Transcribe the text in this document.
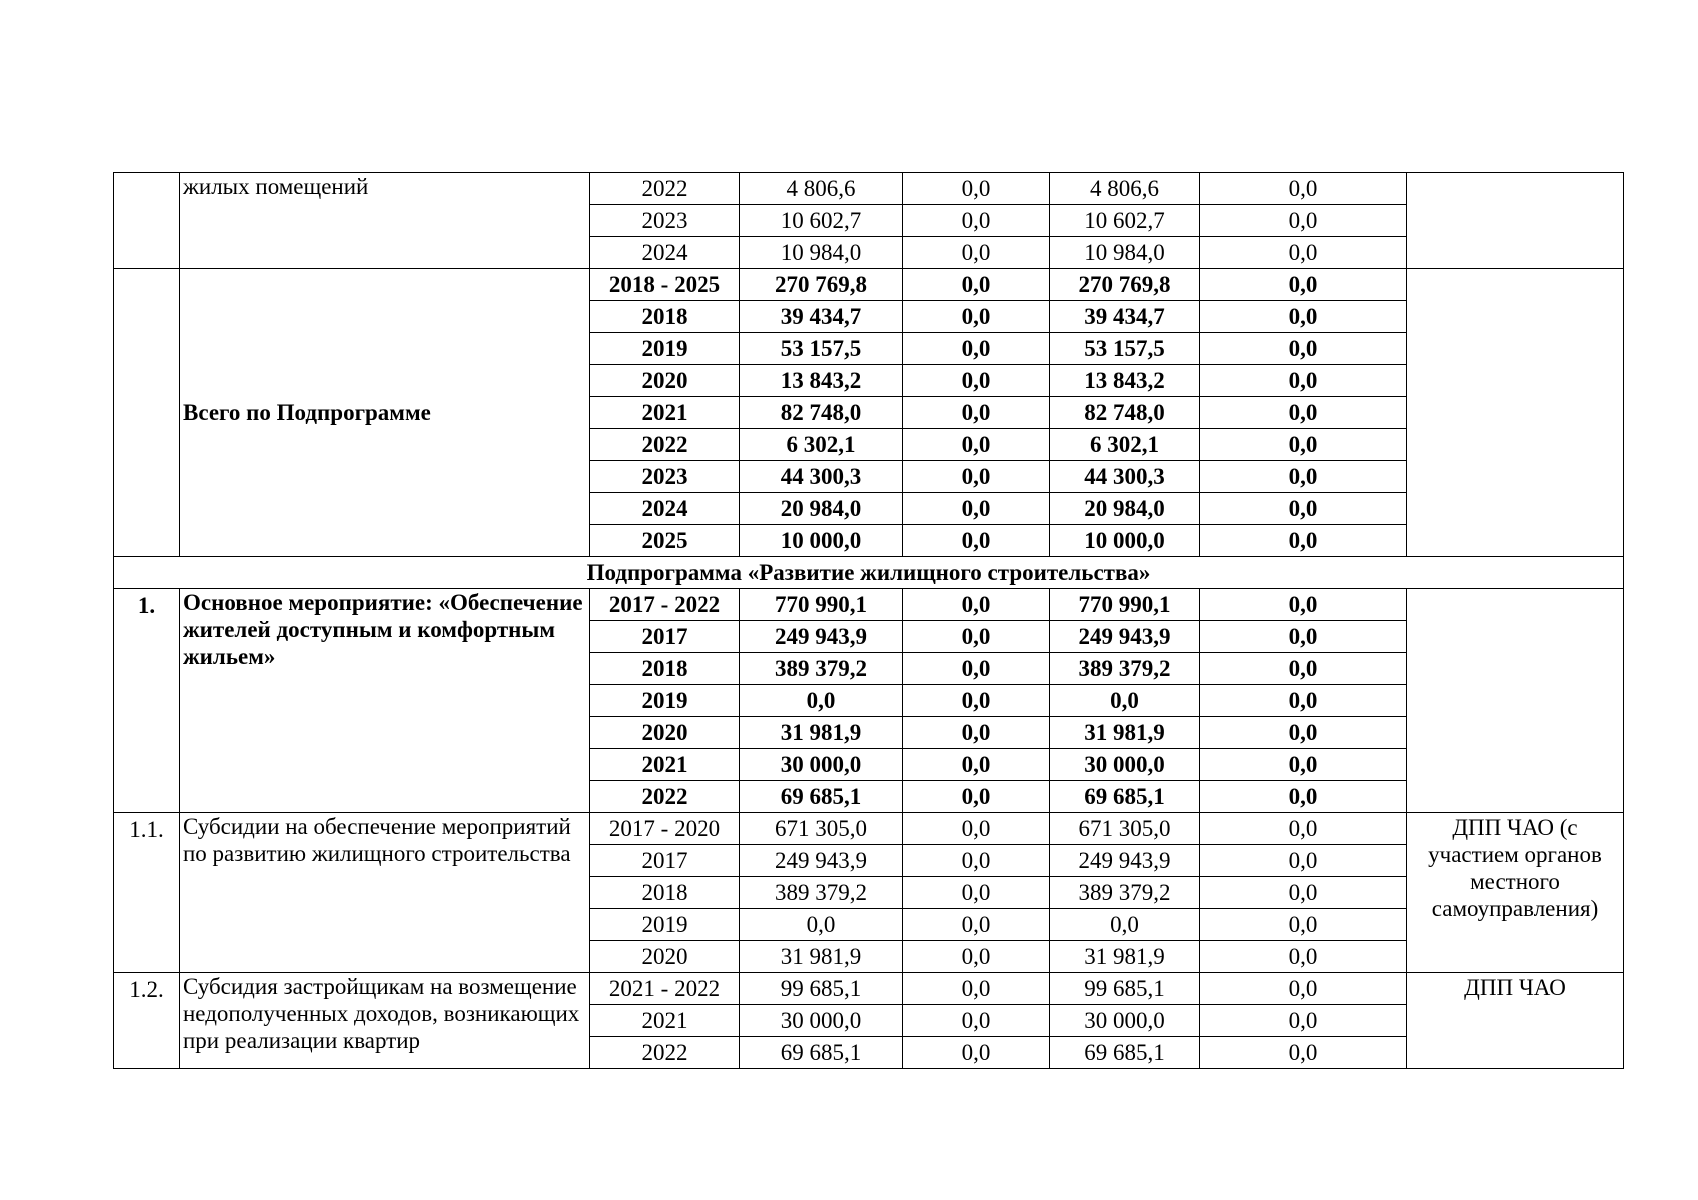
	жилых помещений	2022	4 806,6	0,0	4 806,6	0,0	
		2023	10 602,7	0,0	10 602,7	0,0	
		2024	10 984,0	0,0	10 984,0	0,0	
	Всего по Подпрограмме	2018 - 2025	270 769,8	0,0	270 769,8	0,0	
		2018	39 434,7	0,0	39 434,7	0,0	
		2019	53 157,5	0,0	53 157,5	0,0	
		2020	13 843,2	0,0	13 843,2	0,0	
		2021	82 748,0	0,0	82 748,0	0,0	
		2022	6 302,1	0,0	6 302,1	0,0	
		2023	44 300,3	0,0	44 300,3	0,0	
		2024	20 984,0	0,0	20 984,0	0,0	
		2025	10 000,0	0,0	10 000,0	0,0	
Подпрограмма «Развитие жилищного строительства»							
1.	Основное мероприятие: «Обеспечение жителей доступным и комфортным жильем»	2017 - 2022	770 990,1	0,0	770 990,1	0,0	
		2017	249 943,9	0,0	249 943,9	0,0	
		2018	389 379,2	0,0	389 379,2	0,0	
		2019	0,0	0,0	0,0	0,0	
		2020	31 981,9	0,0	31 981,9	0,0	
		2021	30 000,0	0,0	30 000,0	0,0	
		2022	69 685,1	0,0	69 685,1	0,0	
1.1.	Субсидии на обеспечение мероприятий по развитию жилищного строительства	2017 - 2020	671 305,0	0,0	671 305,0	0,0	ДПП ЧАО (с участием органов местного самоуправления)
		2017	249 943,9	0,0	249 943,9	0,0	
		2018	389 379,2	0,0	389 379,2	0,0	
		2019	0,0	0,0	0,0	0,0	
		2020	31 981,9	0,0	31 981,9	0,0	
1.2.	Субсидия застройщикам на возмещение недополученных доходов, возникающих при реализации квартир	2021 - 2022	99 685,1	0,0	99 685,1	0,0	ДПП ЧАО
		2021	30 000,0	0,0	30 000,0	0,0	
		2022	69 685,1	0,0	69 685,1	0,0	
